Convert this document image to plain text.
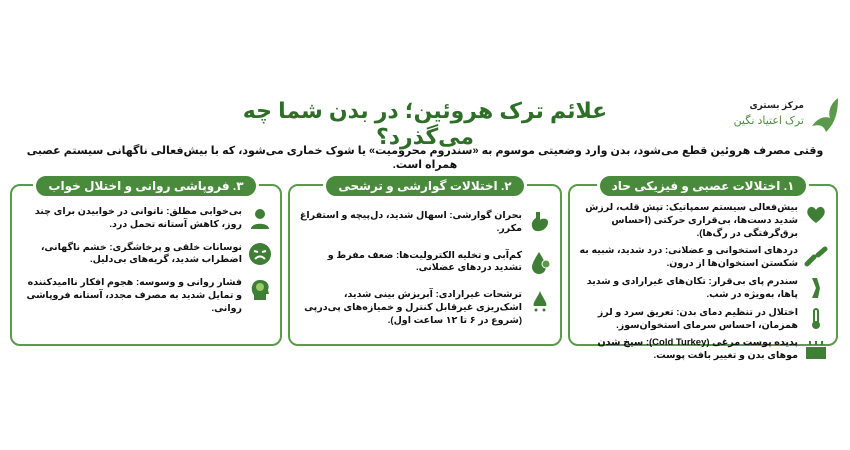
مرکز بستری
ترک اعتیاد نگین
علائم ترک هروئین؛ در بدن شما چه می‌گذرد؟
وقتی مصرف هروئین قطع می‌شود، بدن وارد وضعیتی موسوم به «سندروم محرومیت» یا شوک خماری می‌شود، که با بیش‌فعالی ناگهانی سیستم عصبی همراه است.
۱. اختلالات عصبی و فیزیکی حاد
بیش‌فعالی سیستم سمپاتیک: تپش قلب، لرزش شدید دست‌ها، بی‌قراری حرکتی (احساس برق‌گرفتگی در رگ‌ها).
دردهای استخوانی و عضلانی: درد شدید، شبیه به شکستن استخوان‌ها از درون.
سندرم پای بی‌قرار: تکان‌های غیرارادی و شدید پاها، به‌ویژه در شب.
اختلال در تنظیم دمای بدن: تعریق سرد و لرز همزمان، احساس سرمای استخوان‌سوز.
پدیده پوست مرغی (Cold Turkey): سیخ شدن موهای بدن و تغییر بافت پوست.
۲. اختلالات گوارشی و ترشحی
بحران گوارشی: اسهال شدید، دل‌پیچه و استفراغ مکرر.
کم‌آبی و تخلیه الکترولیت‌ها: ضعف مفرط و تشدید دردهای عضلانی.
ترشحات غیرارادی: آبریزش بینی شدید، اشک‌ریزی غیرقابل کنترل و خمیازه‌های پی‌درپی (شروع در ۶ تا ۱۲ ساعت اول).
۳. فروپاشی روانی و اختلال خواب
بی‌خوابی مطلق: ناتوانی در خوابیدن برای چند روز، کاهش آستانه تحمل درد.
نوسانات خلقی و پرخاشگری: خشم ناگهانی، اضطراب شدید، گریه‌های بی‌دلیل.
فشار روانی و وسوسه: هجوم افکار ناامیدکننده و تمایل شدید به مصرف مجدد، آستانه فروپاشی روانی.
